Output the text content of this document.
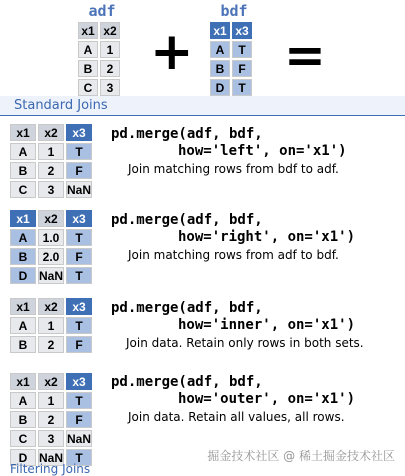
adf
x1	x2
A	1
B	2
C	3
+
bdf
x1	x3
A	T
B	F
D	T
=
Standard Joins
x1	x2	x3
A	1	T
B	2	F
C	3	NaN
pd.merge(adf, bdf,
how='left', on='x1')
Join matching rows from bdf to adf.
x1	x2	x3
A	1.0	T
B	2.0	F
D	NaN	T
pd.merge(adf, bdf,
how='right', on='x1')
Join matching rows from adf to bdf.
x1	x2	x3
A	1	T
B	2	F
pd.merge(adf, bdf,
how='inner', on='x1')
Join data. Retain only rows in both sets.
x1	x2	x3
A	1	T
B	2	F
C	3	NaN
D	NaN	T
pd.merge(adf, bdf,
how='outer', on='x1')
Join data. Retain all values, all rows.
Filtering Joins
掘金技术社区 @ 稀土掘金技术社区
